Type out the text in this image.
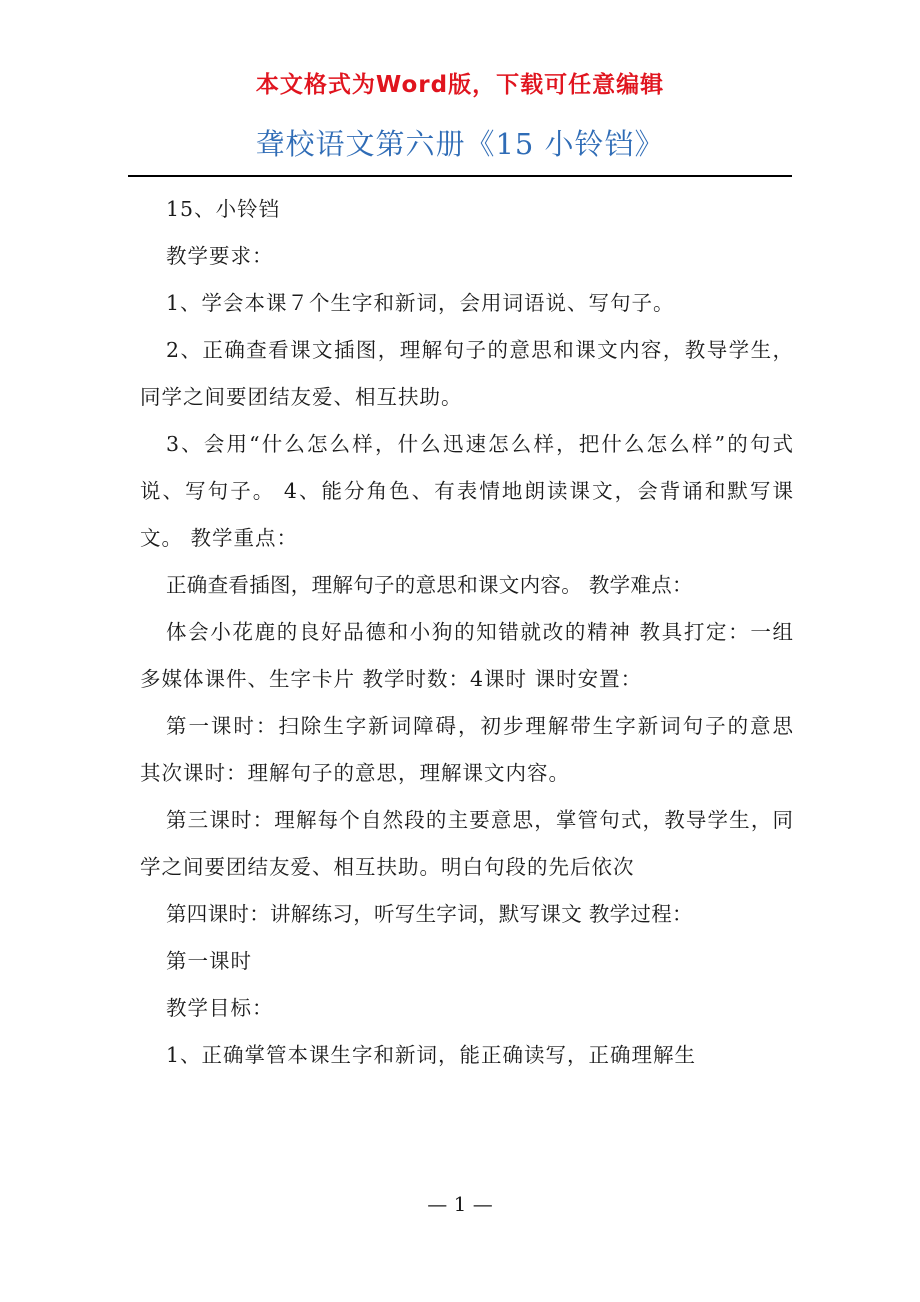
本文格式为Word版，下载可任意编辑
聋校语文第六册《15 小铃铛》

15、小铃铛

教学要求：

1、学会本课７个生字和新词，会用词语说、写句子。

2、正确查看课文插图，理解句子的意思和课文内容，教导学生，同学之间要团结友爱、相互扶助。

3、会用“什么怎么样，什么迅速怎么样，把什么怎么样”的句式说、写句子。 4、能分角色、有表情地朗读课文，会背诵和默写课文。 教学重点：

正确查看插图，理解句子的意思和课文内容。 教学难点：

体会小花鹿的良好品德和小狗的知错就改的精神 教具打定：一组多媒体课件、生字卡片 教学时数：4课时 课时安置：

第一课时：扫除生字新词障碍，初步理解带生字新词句子的意思 其次课时：理解句子的意思，理解课文内容。

第三课时：理解每个自然段的主要意思，掌管句式，教导学生，同学之间要团结友爱、相互扶助。明白句段的先后依次

第四课时：讲解练习，听写生字词，默写课文 教学过程：

第一课时

教学目标：

1、正确掌管本课生字和新词，能正确读写，正确理解生

— 1 —
